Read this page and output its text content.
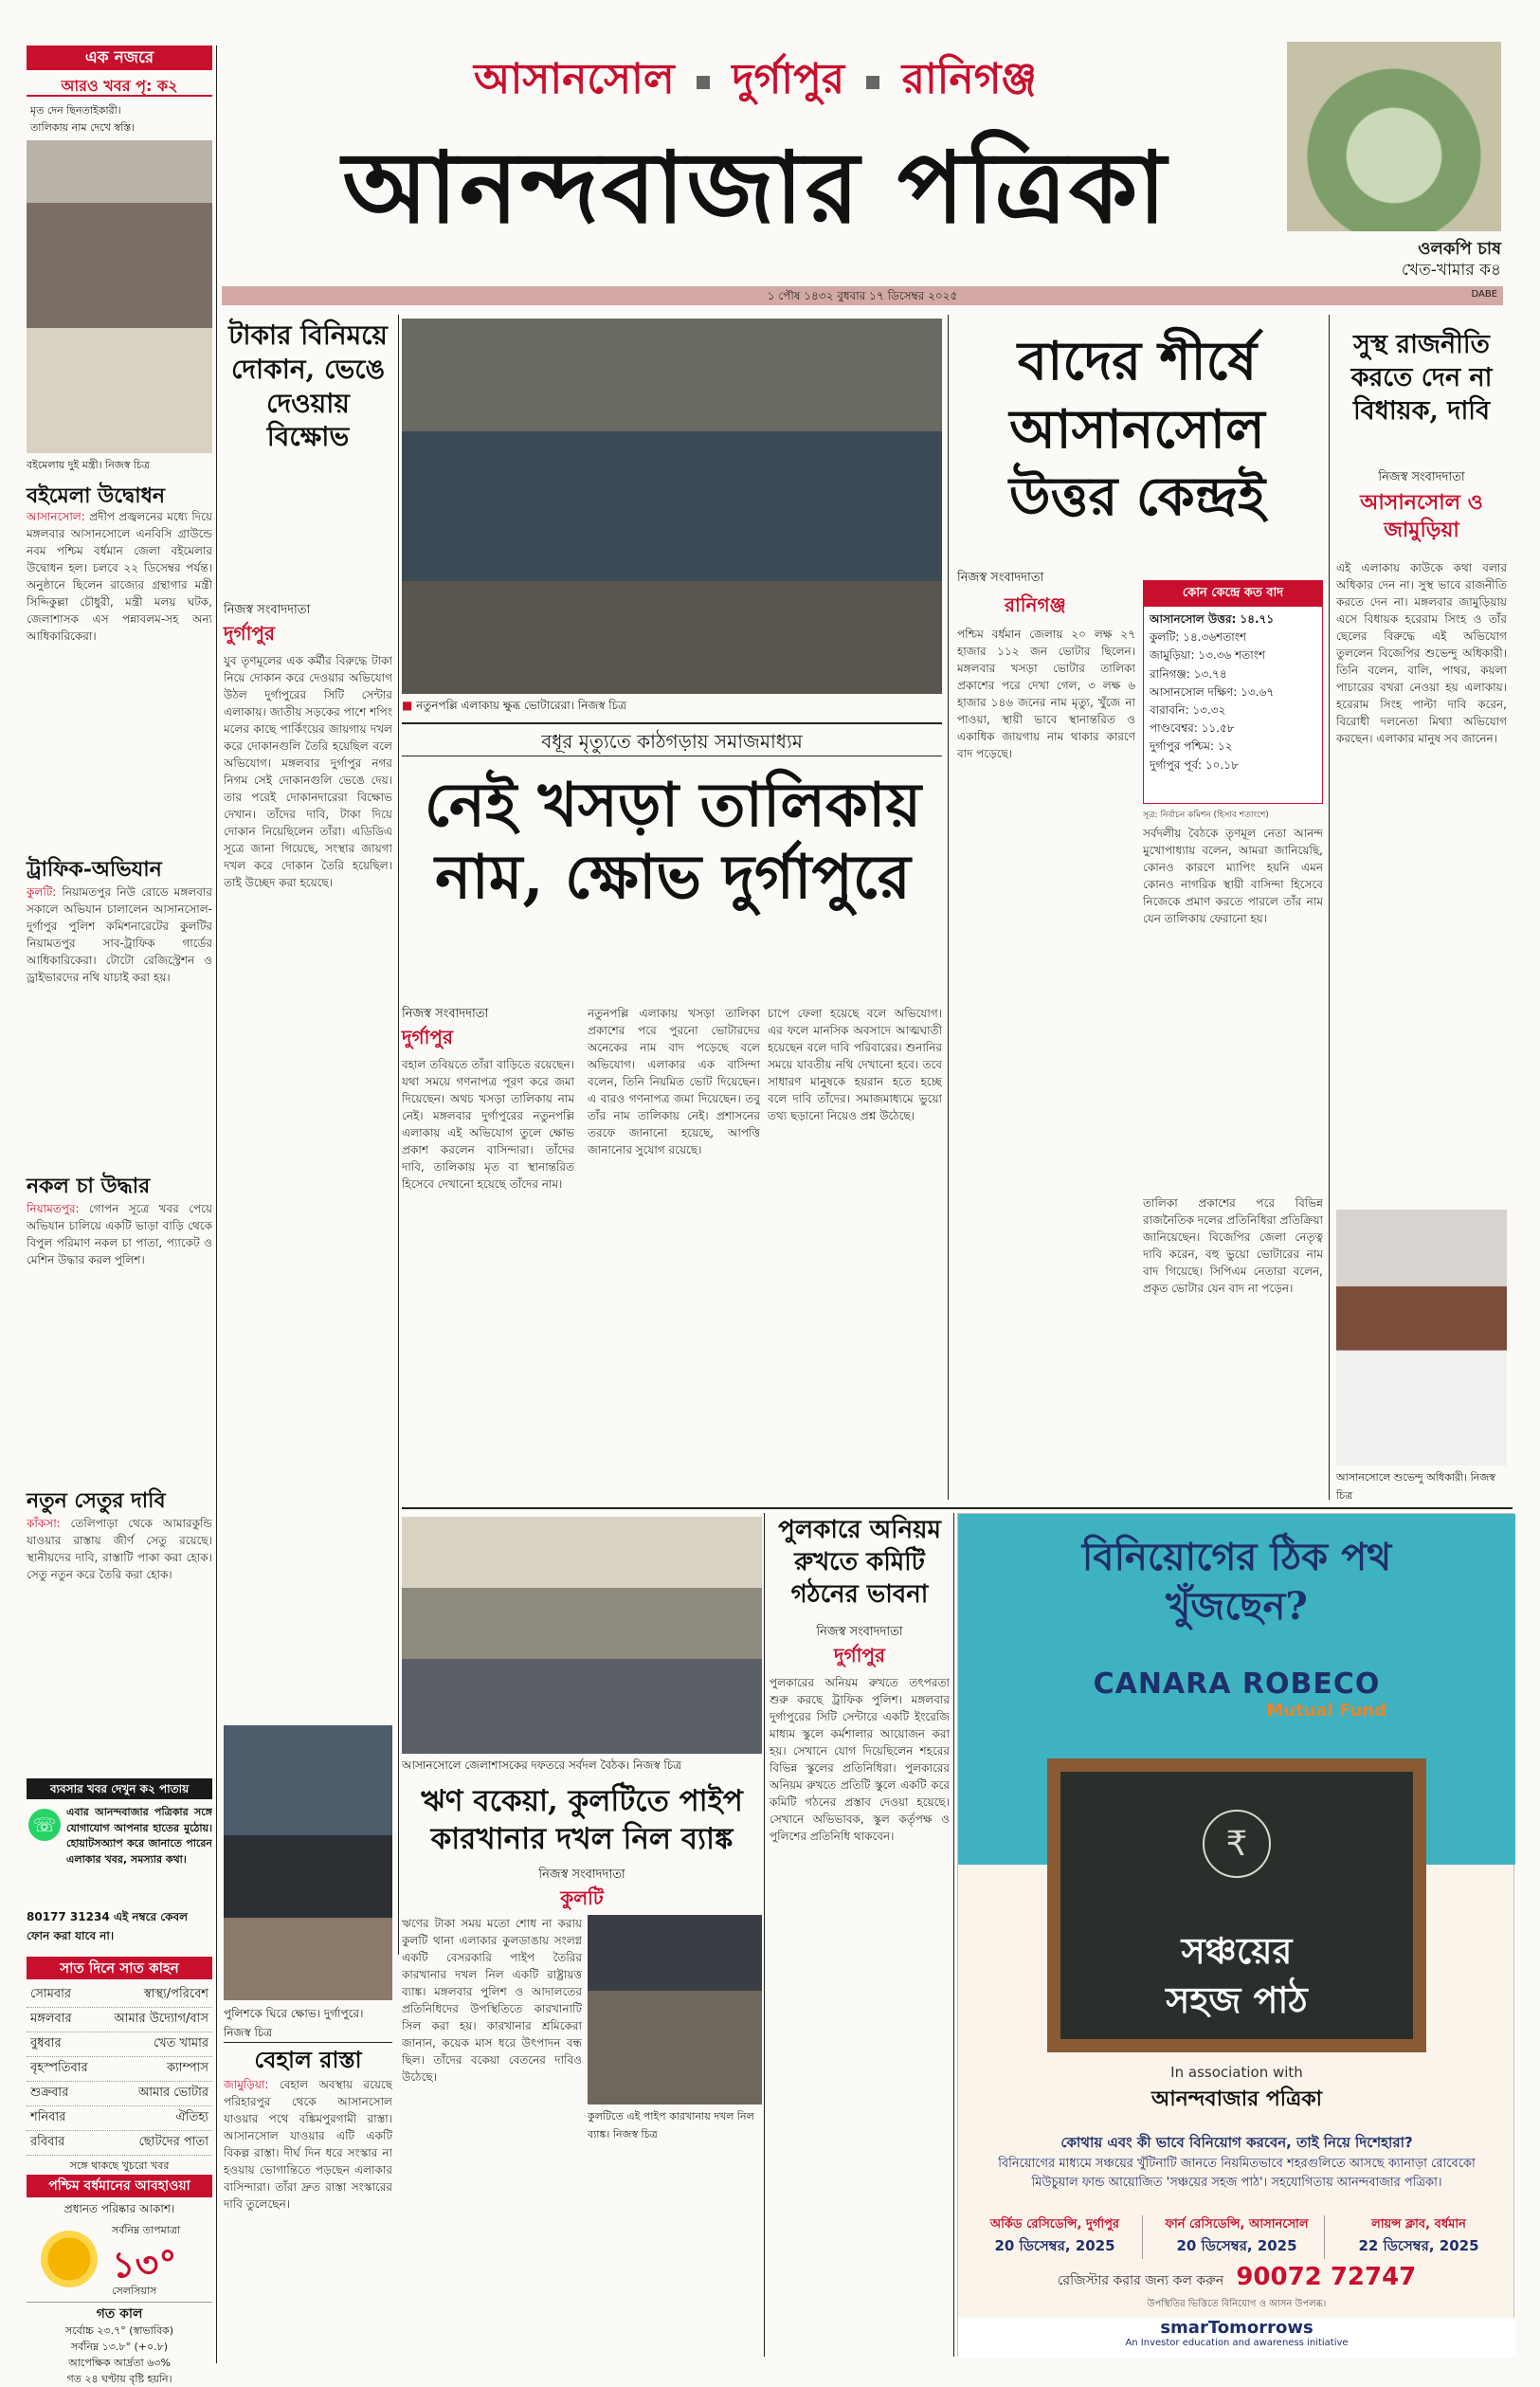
আসানসোল দুর্গাপুর রানিগঞ্জ
আনন্দবাজার পত্রিকা
ওলকপি চাষ
খেত-খামার ক৪
১ পৌষ ১৪৩২ বুধবার ১৭ ডিসেম্বর ২০২৫	DABE
এক নজরে
আরও খবর পৃ: ক২
মৃত দেন ছিনতাইকারী।
তালিকায় নাম দেখে স্বস্তি।
বইমেলায় দুই মন্ত্রী। নিজস্ব চিত্র
বইমেলা উদ্বোধন
আসানসোল: প্রদীপ প্রজ্বলনের মধ্যে দিয়ে মঙ্গলবার আসানসোলে এনবিসি গ্রাউন্ডে নবম পশ্চিম বর্ধমান জেলা বইমেলার উদ্বোধন হল। চলবে ২২ ডিসেম্বর পর্যন্ত। অনুষ্ঠানে ছিলেন রাজ্যের গ্রন্থাগার মন্ত্রী সিদ্দিকুল্লা চৌধুরী, মন্ত্রী মলয় ঘটক, জেলাশাসক এস পন্নাবলম-সহ অন্য আধিকারিকেরা।
ট্রাফিক-অভিযান
কুলটি: নিয়ামতপুর নিউ রোডে মঙ্গলবার সকালে অভিযান চালালেন আসানসোল-দুর্গাপুর পুলিশ কমিশনারেটের কুলটির নিয়ামতপুর সাব-ট্রাফিক গার্ডের আধিকারিকেরা। টোটো রেজিস্ট্রেশন ও ড্রাইভারদের নথি যাচাই করা হয়।
নকল চা উদ্ধার
নিয়ামতপুর: গোপন সূত্রে খবর পেয়ে অভিযান চালিয়ে একটি ভাড়া বাড়ি থেকে বিপুল পরিমাণ নকল চা পাতা, প্যাকেট ও মেশিন উদ্ধার করল পুলিশ।
নতুন সেতুর দাবি
কাঁকসা: তেলিপাড়া থেকে আমারকুন্ডি যাওয়ার রাস্তায় জীর্ণ সেতু রয়েছে। স্থানীয়দের দাবি, রাস্তাটি পাকা করা হোক। সেতু নতুন করে তৈরি করা হোক।
ব্যবসার খবর দেখুন ক২ পাতায়
☏
এবার আনন্দবাজার পত্রিকার সঙ্গে যোগাযোগ আপনার হাতের মুঠোয়। হোয়াটসঅ্যাপ করে জানাতে পারেন এলাকার খবর, সমস্যার কথা।
80177 31234 এই নম্বরে কেবল ফোন করা যাবে না।
সাত দিনে সাত কাহন
সোমবার	স্বাস্থ্য/পরিবেশ
মঙ্গলবার	আমার উদ্যোগ/বাস
বুধবার	খেত খামার
বৃহস্পতিবার	ক্যাম্পাস
শুক্রবার	আমার ভোটার
শনিবার	ঐতিহ্য
রবিবার	ছোটদের পাতা
সঙ্গে থাকছে খুচরো খবর
পশ্চিম বর্ধমানের আবহাওয়া
প্রধানত পরিষ্কার আকাশ।
সর্বনিম্ন তাপমাত্রা
১৩°
সেলসিয়াস
গত কাল
সর্বোচ্চ ২৩.৭° (স্বাভাবিক)
সর্বনিম্ন ১৩.৮° (+০.৮)
আপেক্ষিক আর্দ্রতা ৬৩%
গত ২৪ ঘণ্টায় বৃষ্টি হয়নি।
টাকার বিনিময়ে দোকান, ভেঙে দেওয়ায় বিক্ষোভ
নিজস্ব সংবাদদাতা
দুর্গাপুর
যুব তৃণমূলের এক কর্মীর বিরুদ্ধে টাকা নিয়ে দোকান করে দেওয়ার অভিযোগ উঠল দুর্গাপুরের সিটি সেন্টার এলাকায়। জাতীয় সড়কের পাশে শপিং মলের কাছে পার্কিংয়ের জায়গায় দখল করে দোকানগুলি তৈরি হয়েছিল বলে অভিযোগ। মঙ্গলবার দুর্গাপুর নগর নিগম সেই দোকানগুলি ভেঙে দেয়। তার পরেই দোকানদারেরা বিক্ষোভ দেখান। তাঁদের দাবি, টাকা দিয়ে দোকান নিয়েছিলেন তাঁরা। এডিডিএ সূত্রে জানা গিয়েছে, সংস্থার জায়গা দখল করে দোকান তৈরি হয়েছিল। তাই উচ্ছেদ করা হয়েছে।
পুলিশকে ঘিরে ক্ষোভ। দুর্গাপুরে। নিজস্ব চিত্র
■ নতুনপল্লি এলাকায় ক্ষুব্ধ ভোটারেরা। নিজস্ব চিত্র
বধূর মৃত্যুতে কাঠগড়ায় সমাজমাধ্যম
নেই খসড়া তালিকায় নাম, ক্ষোভ দুর্গাপুরে
নিজস্ব সংবাদদাতা
দুর্গাপুর
বহাল তবিয়তে তাঁরা বাড়িতে রয়েছেন। যথা সময়ে গণনাপত্র পূরণ করে জমা দিয়েছেন। অথচ খসড়া তালিকায় নাম নেই। মঙ্গলবার দুর্গাপুরের নতুনপল্লি এলাকায় এই অভিযোগ তুলে ক্ষোভ প্রকাশ করলেন বাসিন্দারা। তাঁদের দাবি, তালিকায় মৃত বা স্থানান্তরিত হিসেবে দেখানো হয়েছে তাঁদের নাম।
নতুনপল্লি এলাকায় খসড়া তালিকা প্রকাশের পরে পুরনো ভোটারদের অনেকের নাম বাদ পড়েছে বলে অভিযোগ। এলাকার এক বাসিন্দা বলেন, তিনি নিয়মিত ভোট দিয়েছেন। এ বারও গণনাপত্র জমা দিয়েছেন। তবু তাঁর নাম তালিকায় নেই। প্রশাসনের তরফে জানানো হয়েছে, আপত্তি জানানোর সুযোগ রয়েছে।
চাপে ফেলা হয়েছে বলে অভিযোগ। এর ফলে মানসিক অবসাদে আত্মঘাতী হয়েছেন বলে দাবি পরিবারের। শুনানির সময়ে যাবতীয় নথি দেখানো হবে। তবে সাধারণ মানুষকে হয়রান হতে হচ্ছে বলে দাবি তাঁদের। সমাজমাধ্যমে ভুয়ো তথ্য ছড়ানো নিয়েও প্রশ্ন উঠেছে।
বাদের শীর্ষে আসানসোল উত্তর কেন্দ্রই
নিজস্ব সংবাদদাতা
রানিগঞ্জ
পশ্চিম বর্ধমান জেলায় ২০ লক্ষ ২৭ হাজার ১১২ জন ভোটার ছিলেন। মঙ্গলবার খসড়া ভোটার তালিকা প্রকাশের পরে দেখা গেল, ৩ লক্ষ ৬ হাজার ১৪৬ জনের নাম মৃত্যু, খুঁজে না পাওয়া, স্থায়ী ভাবে স্থানান্তরিত ও একাধিক জায়গায় নাম থাকার কারণে বাদ পড়েছে।
কোন কেন্দ্রে কত বাদ
আসানসোল উত্তর: ১৪.৭১
কুলটি: ১৪.৩৬শতাংশ
জামুড়িয়া: ১৩.৩৬ শতাংশ
রানিগঞ্জ: ১৩.৭৪
আসানসোল দক্ষিণ: ১৩.৬৭
বারাবনি: ১৩.৩২
পাণ্ডবেশ্বর: ১১.৫৮
দুর্গাপুর পশ্চিম: ১২
দুর্গাপুর পূর্ব: ১০.১৮
সূত্র: নির্বাচন কমিশন (হিসাব শতাংশে)
সর্বদলীয় বৈঠকে তৃণমূল নেতা আনন্দ মুখোপাধ্যায় বলেন, আমরা জানিয়েছি, কোনও কারণে ম্যাপিং হয়নি এমন কোনও নাগরিক স্থায়ী বাসিন্দা হিসেবে নিজেকে প্রমাণ করতে পারলে তাঁর নাম যেন তালিকায় ফেরানো হয়।
তালিকা প্রকাশের পরে বিভিন্ন রাজনৈতিক দলের প্রতিনিধিরা প্রতিক্রিয়া জানিয়েছেন। বিজেপির জেলা নেতৃত্ব দাবি করেন, বহু ভুয়ো ভোটারের নাম বাদ গিয়েছে। সিপিএম নেতারা বলেন, প্রকৃত ভোটার যেন বাদ না পড়েন।
সুস্থ রাজনীতি করতে দেন না বিধায়ক, দাবি
নিজস্ব সংবাদদাতা
আসানসোল ও জামুড়িয়া
এই এলাকায় কাউকে কথা বলার অধিকার দেন না। সুস্থ ভাবে রাজনীতি করতে দেন না। মঙ্গলবার জামুড়িয়ায় এসে বিধায়ক হরেরাম সিংহ ও তাঁর ছেলের বিরুদ্ধে এই অভিযোগ তুললেন বিজেপির শুভেন্দু অধিকারী। তিনি বলেন, বালি, পাথর, কয়লা পাচারের বখরা নেওয়া হয় এলাকায়। হরেরাম সিংহ পাল্টা দাবি করেন, বিরোধী দলনেতা মিথ্যা অভিযোগ করছেন। এলাকার মানুষ সব জানেন।
আসানসোলে শুভেন্দু অধিকারী। নিজস্ব চিত্র
আসানসোলে জেলাশাসকের দফতরে সর্বদল বৈঠক। নিজস্ব চিত্র
পুলকারে অনিয়ম রুখতে কমিটি গঠনের ভাবনা
নিজস্ব সংবাদদাতা
দুর্গাপুর
পুলকারের অনিয়ম রুখতে তৎপরতা শুরু করছে ট্রাফিক পুলিশ। মঙ্গলবার দুর্গাপুরের সিটি সেন্টারে একটি ইংরেজি মাধ্যম স্কুলে কর্মশালার আয়োজন করা হয়। সেখানে যোগ দিয়েছিলেন শহরের বিভিন্ন স্কুলের প্রতিনিধিরা। পুলকারের অনিয়ম রুখতে প্রতিটি স্কুলে একটি করে কমিটি গঠনের প্রস্তাব দেওয়া হয়েছে। সেখানে অভিভাবক, স্কুল কর্তৃপক্ষ ও পুলিশের প্রতিনিধি থাকবেন।
ঋণ বকেয়া, কুলটিতে পাইপ কারখানার দখল নিল ব্যাঙ্ক
নিজস্ব সংবাদদাতা
কুলটি
ঋণের টাকা সময় মতো শোধ না করায় কুলটি থানা এলাকার কুলডাঙায় সংলগ্ন একটি বেসরকারি পাইপ তৈরির কারখানার দখল নিল একটি রাষ্ট্রায়ত্ত ব্যাঙ্ক। মঙ্গলবার পুলিশ ও আদালতের প্রতিনিধিদের উপস্থিতিতে কারখানাটি সিল করা হয়। কারখানার শ্রমিকেরা জানান, কয়েক মাস ধরে উৎপাদন বন্ধ ছিল। তাঁদের বকেয়া বেতনের দাবিও উঠেছে।
কুলটিতে এই পাইপ কারখানায় দখল নিল ব্যাঙ্ক। নিজস্ব চিত্র
বেহাল রাস্তা
জামুড়িয়া: বেহাল অবস্থায় রয়েছে পরিহারপুর থেকে আসানসোল যাওয়ার পথে বঙ্কিমপুরগামী রাস্তা। আসানসোল যাওয়ার এটি একটি বিকল্প রাস্তা। দীর্ঘ দিন ধরে সংস্কার না হওয়ায় ভোগান্তিতে পড়ছেন এলাকার বাসিন্দারা। তাঁরা দ্রুত রাস্তা সংস্কারের দাবি তুলেছেন।
বিনিয়োগের ঠিক পথ খুঁজছেন?
CANARA ROBECO
Mutual Fund
₹
সঞ্চয়ের
সহজ পাঠ
In association with
আনন্দবাজার পত্রিকা
কোথায় এবং কী ভাবে বিনিয়োগ করবেন, তাই নিয়ে দিশেহারা?
বিনিয়োগের মাধ্যমে সঞ্চয়ের খুঁটিনাটি জানতে নিয়মিতভাবে শহরগুলিতে আসছে ক্যানাড়া রোবেকো মিউচুয়াল ফান্ড আয়োজিত 'সঞ্চয়ের সহজ পাঠ'। সহযোগিতায় আনন্দবাজার পত্রিকা।
অর্কিড রেসিডেন্সি, দুর্গাপুর
20 ডিসেম্বর, 2025
ফার্ন রেসিডেন্সি, আসানসোল
20 ডিসেম্বর, 2025
লায়ন্স ক্লাব, বর্ধমান
22 ডিসেম্বর, 2025
রেজিস্টার করার জন্য কল করুন 90072 72747
উপস্থিতির ভিত্তিতে বিনিয়োগ ও আসন উপলব্ধ।
smarTomorrows
An Investor education and awareness initiative
